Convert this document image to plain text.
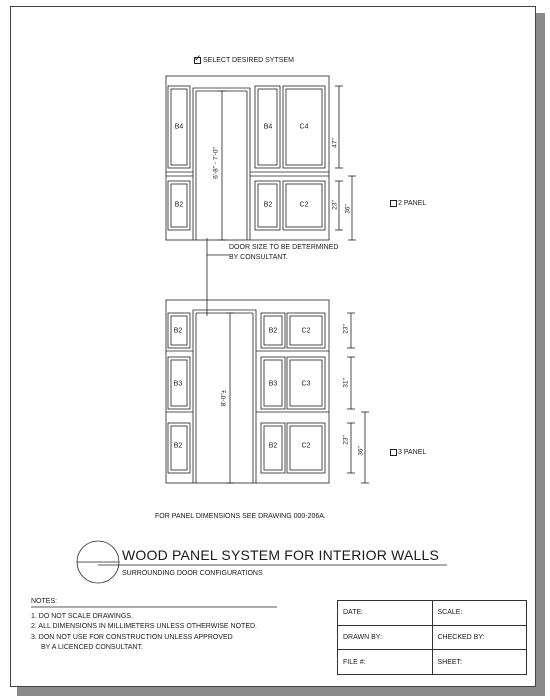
✓ SELECT DESIRED SYTSEM
B4
B2
B4	C4
B2	C2
6'-8" - 7'-0"
47"
23" 36"
2 PANEL
DOOR SIZE TO BE DETERMINED
BY CONSULTANT.
B2
B3
B2
B2	C2
B3	C3
B2	C2
8'-0"±
23"
31"
23"
36"	3 PANEL
FOR PANEL DIMENSIONS SEE DRAWING 000-206A.
WOOD PANEL SYSTEM FOR INTERIOR WALLS
SURROUNDING DOOR CONFIGURATIONS
NOTES:
1. DO NOT SCALE DRAWINGS.
2. ALL DIMENSIONS IN MILLIMETERS UNLESS OTHERWISE NOTED.
3. DON NOT USE FOR CONSTRUCTION UNLESS APPROVED
BY A LICENCED CONSULTANT.
DATE:	SCALE:
DRAWN BY:	CHECKED BY:
FILE #:	SHEET:
